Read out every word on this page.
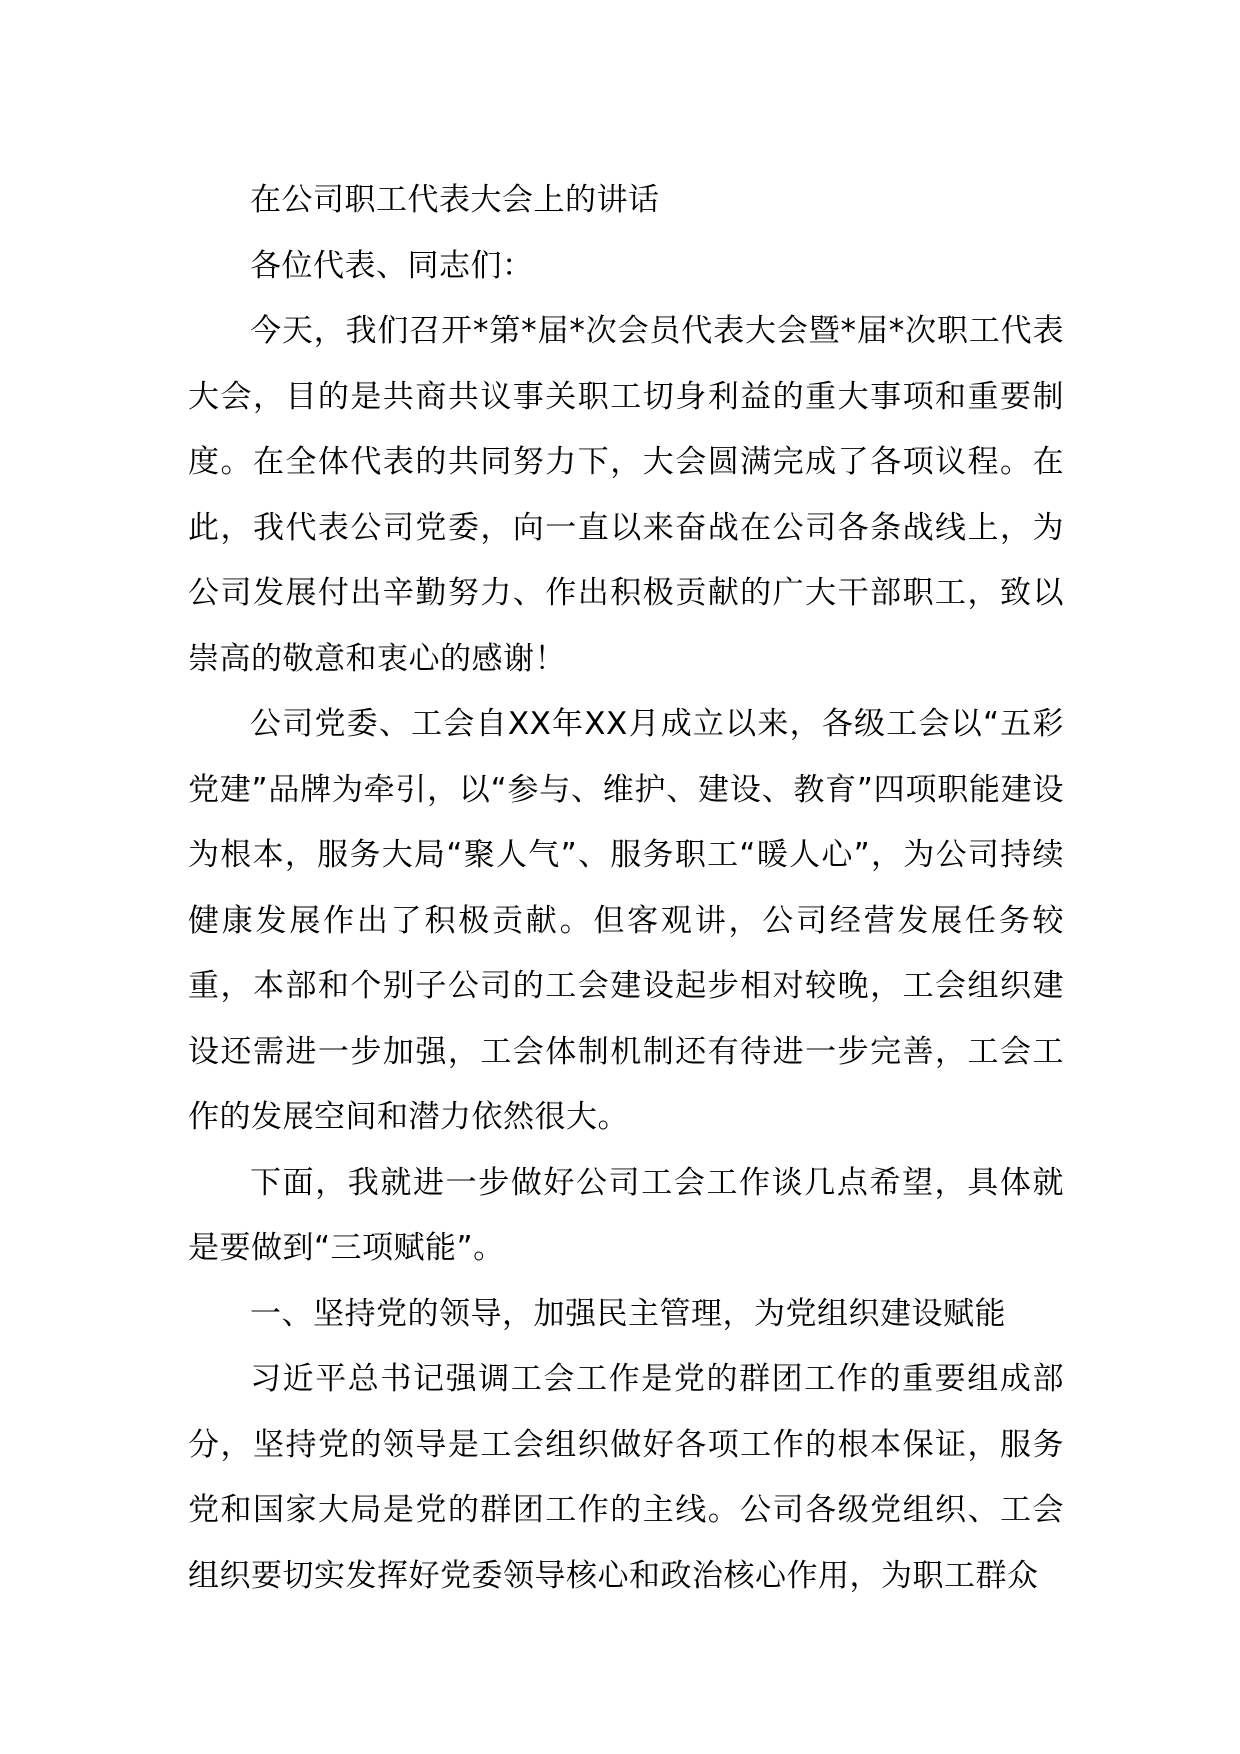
在公司职工代表大会上的讲话

各位代表、同志们：

今天，我们召开*第*届*次会员代表大会暨*届*次职工代表大会，目的是共商共议事关职工切身利益的重大事项和重要制度。在全体代表的共同努力下，大会圆满完成了各项议程。在此，我代表公司党委，向一直以来奋战在公司各条战线上，为公司发展付出辛勤努力、作出积极贡献的广大干部职工，致以崇高的敬意和衷心的感谢！

公司党委、工会自XX年XX月成立以来，各级工会以“五彩党建”品牌为牵引，以“参与、维护、建设、教育”四项职能建设为根本，服务大局“聚人气”、服务职工“暖人心”，为公司持续健康发展作出了积极贡献。但客观讲，公司经营发展任务较重，本部和个别子公司的工会建设起步相对较晚，工会组织建设还需进一步加强，工会体制机制还有待进一步完善，工会工作的发展空间和潜力依然很大。

下面，我就进一步做好公司工会工作谈几点希望，具体就是要做到“三项赋能”。

一、坚持党的领导，加强民主管理，为党组织建设赋能

习近平总书记强调工会工作是党的群团工作的重要组成部分，坚持党的领导是工会组织做好各项工作的根本保证，服务党和国家大局是党的群团工作的主线。公司各级党组织、工会组织要切实发挥好党委领导核心和政治核心作用，为职工群众
